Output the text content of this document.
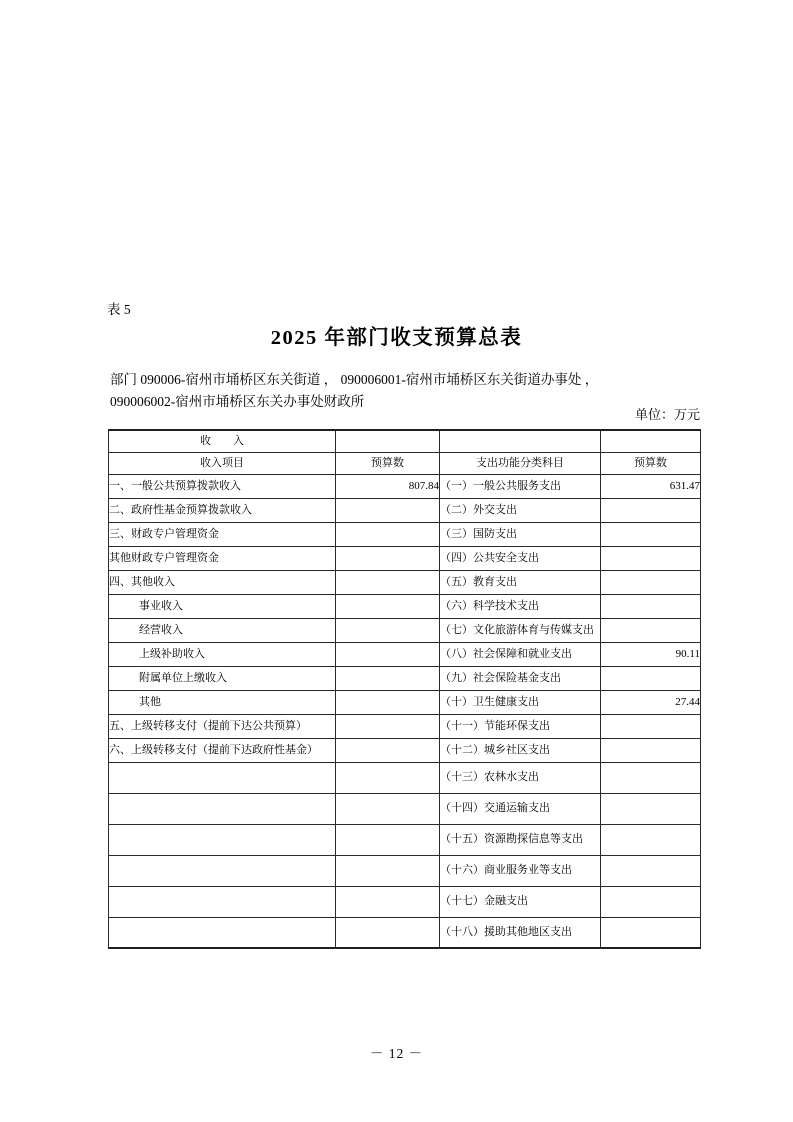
表 5
2025 年部门收支预算总表
部门 090006-宿州市埇桥区东关街道 ， 090006001-宿州市埇桥区东关街道办事处 ，
090006002-宿州市埇桥区东关办事处财政所
单位：万元
收　　入			
收入项目	预算数	支出功能分类科目	预算数
一、一般公共预算拨款收入	807.84	（一）一般公共服务支出	631.47
二、政府性基金预算拨款收入		（二）外交支出	
三、财政专户管理资金		（三）国防支出	
其他财政专户管理资金		（四）公共安全支出	
四、其他收入		（五）教育支出	
事业收入		（六）科学技术支出	
经营收入		（七）文化旅游体育与传媒支出	
上级补助收入		（八）社会保障和就业支出	90.11
附属单位上缴收入		（九）社会保险基金支出	
其他		（十）卫生健康支出	27.44
五、上级转移支付（提前下达公共预算）		（十一）节能环保支出	
六、上级转移支付（提前下达政府性基金）		（十二）城乡社区支出	
		（十三）农林水支出	
		（十四）交通运输支出	
		（十五）资源勘探信息等支出	
		（十六）商业服务业等支出	
		（十七）金融支出	
		（十八）援助其他地区支出	
－ 12 －
